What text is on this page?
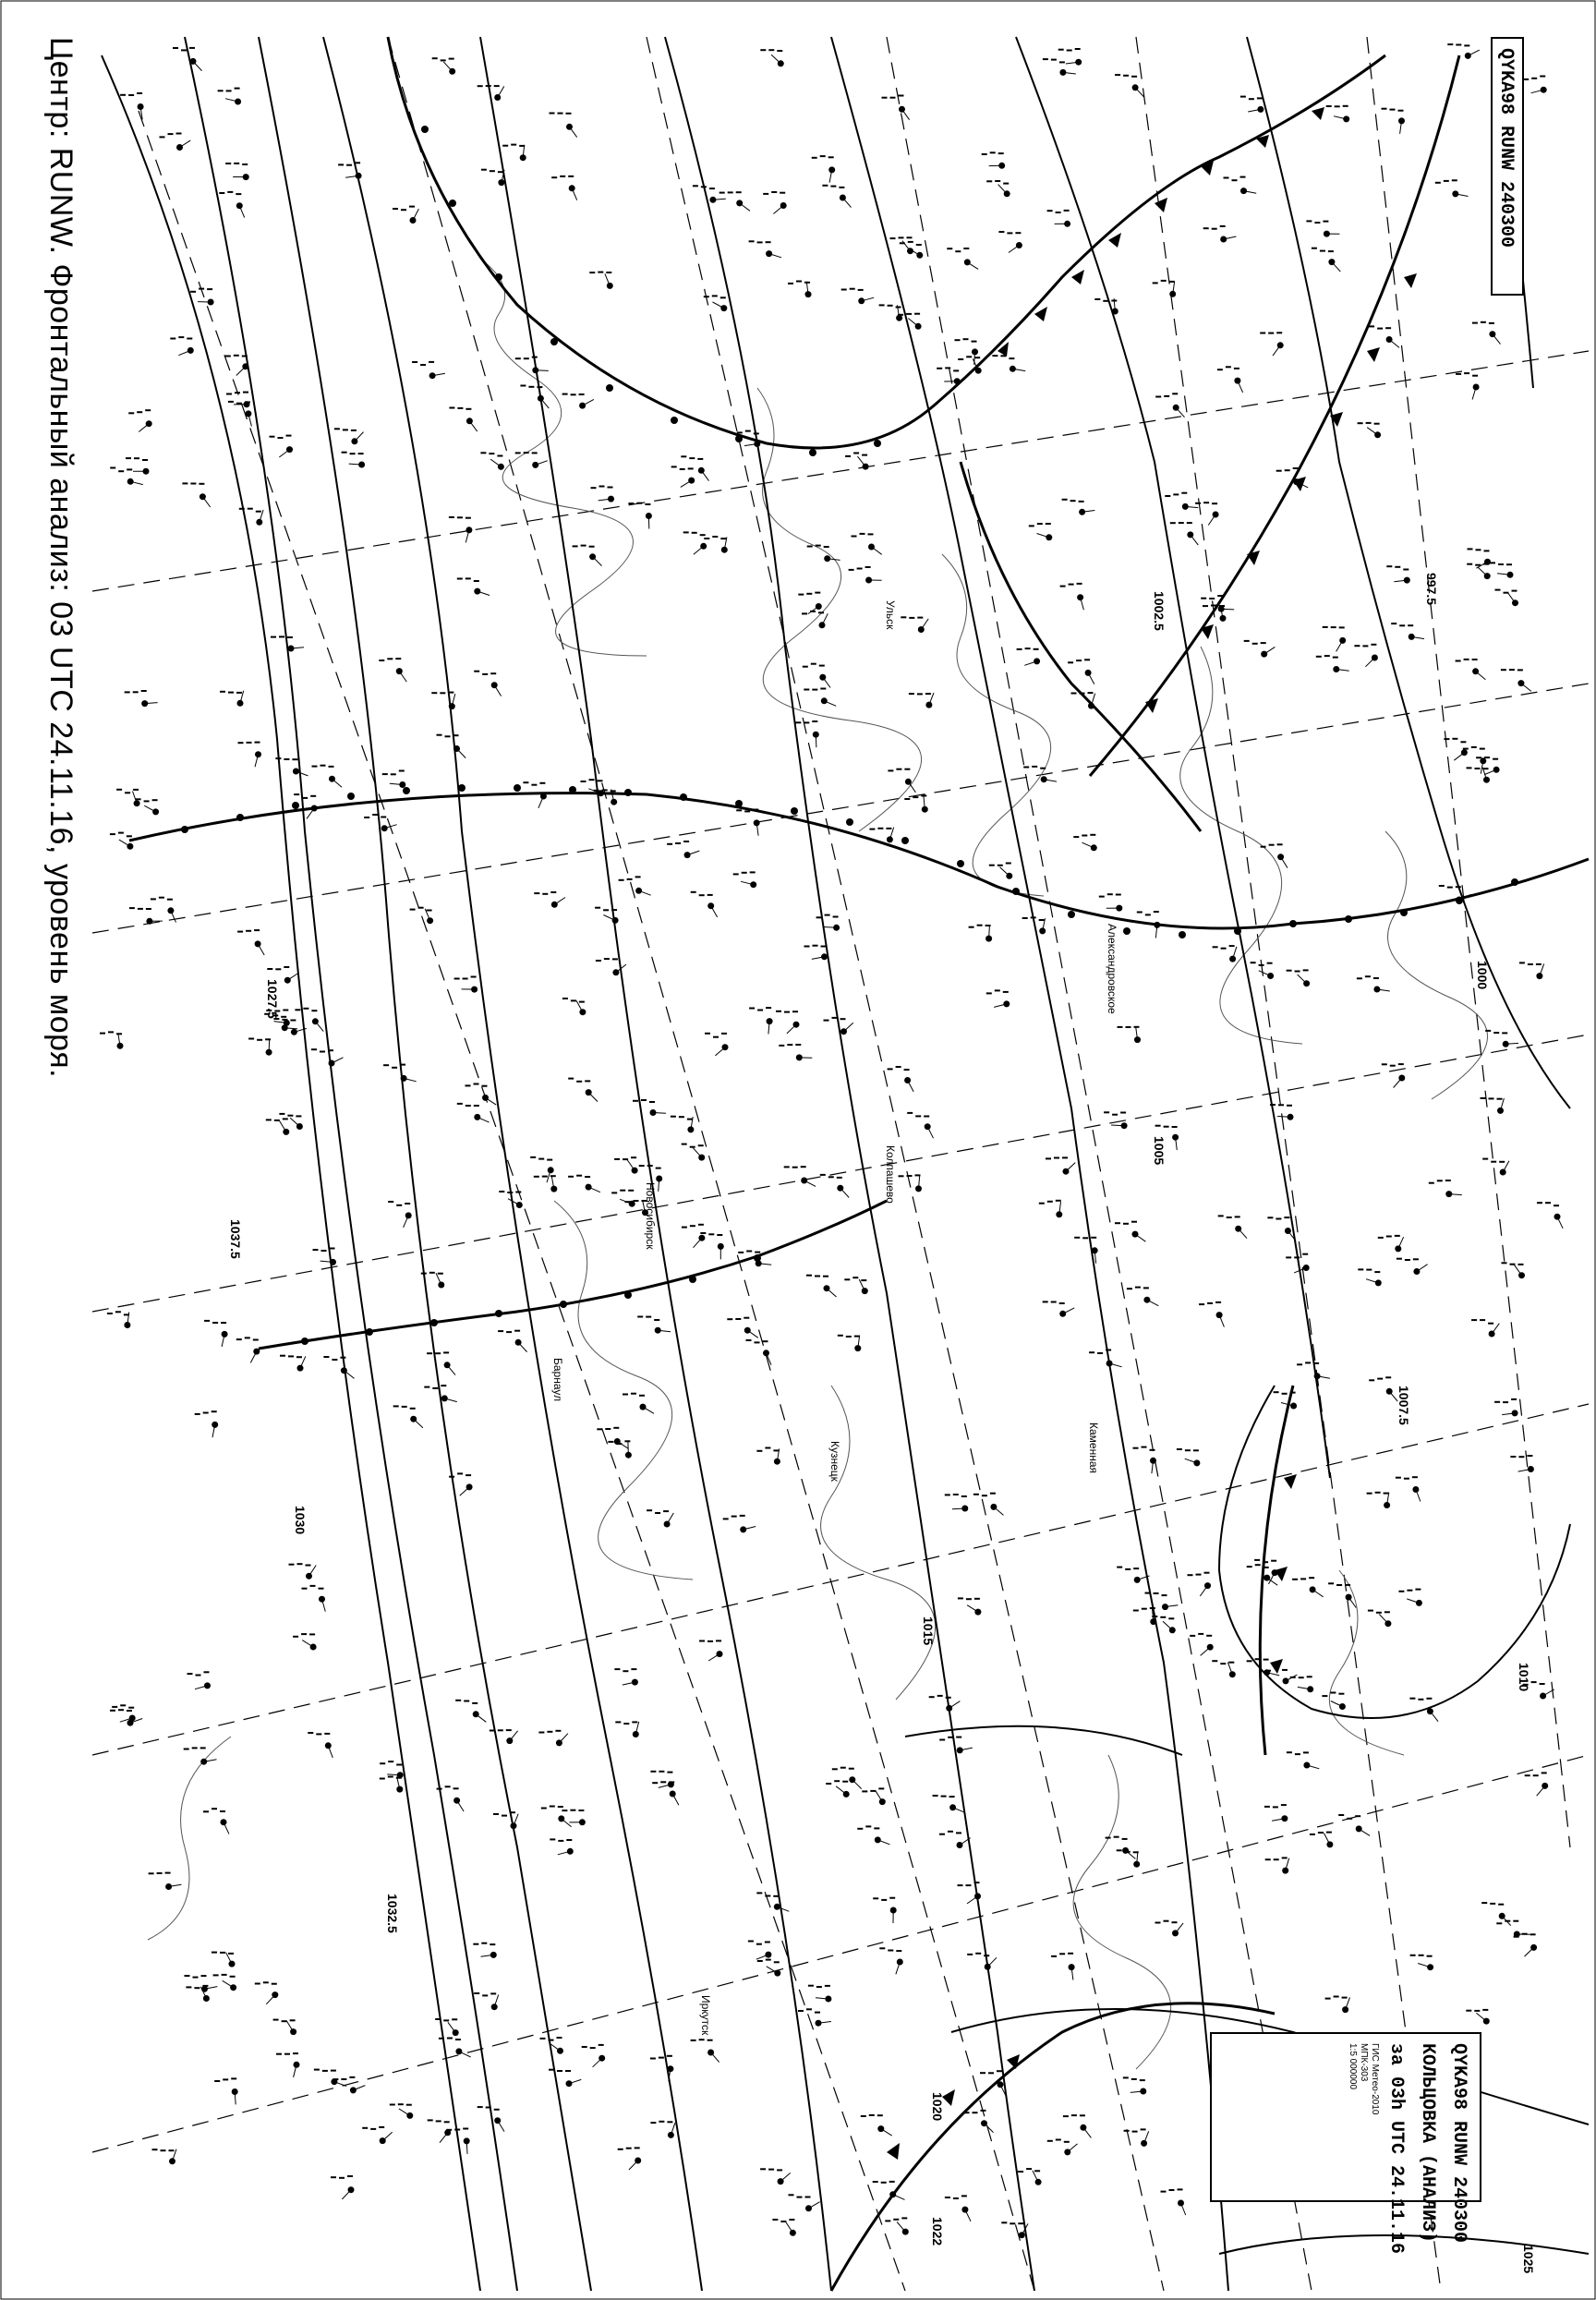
997.5
1000
1002.5
1005
1007.5
1010
1015
1020
1022
1025
1027.5
1030
1032.5
1037.5
Ульск
Колпашево
Александровское
Новосибирск
Каменная
Барнаул
Иркутск
Кузнецк
Центр: RUNW. Фронтальный анализ: 03 UTC 24.11.16, уровень моря.	QYKA98 RUNW 240300
QYKA98 RUNW 240300
КОЛЬЦОВКА (АНАЛИЗ)
за 03h UTC 24.11.16
ГИС Метео-2010
МПК-303
1:5 000000
